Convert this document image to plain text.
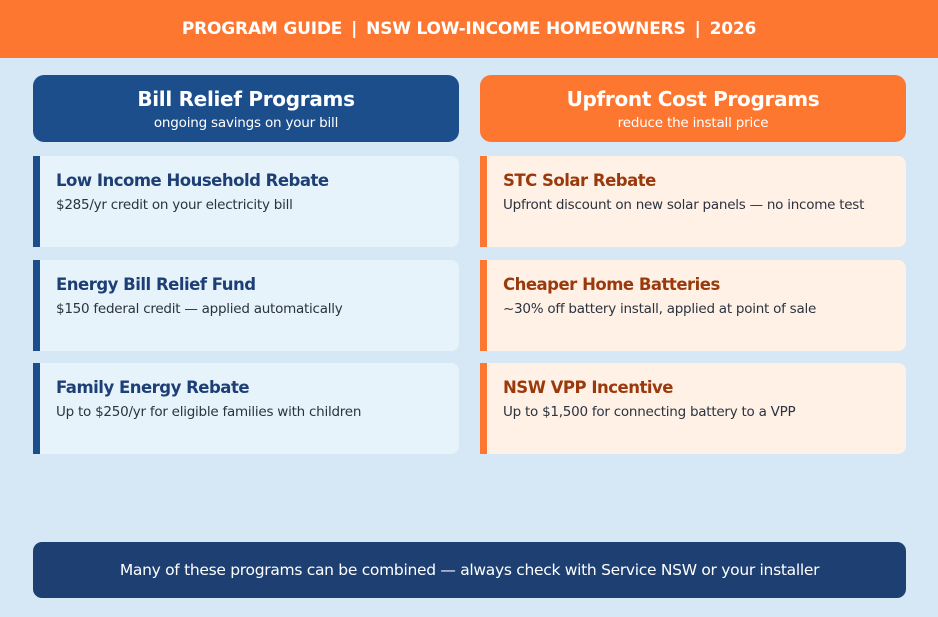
PROGRAM GUIDE | NSW LOW-INCOME HOMEOWNERS | 2026
Bill Relief Programs
ongoing savings on your bill
Low Income Household Rebate
$285/yr credit on your electricity bill
Energy Bill Relief Fund
$150 federal credit — applied automatically
Family Energy Rebate
Up to $250/yr for eligible families with children
Upfront Cost Programs
reduce the install price
STC Solar Rebate
Upfront discount on new solar panels — no income test
Cheaper Home Batteries
~30% off battery install, applied at point of sale
NSW VPP Incentive
Up to $1,500 for connecting battery to a VPP
Many of these programs can be combined — always check with Service NSW or your installer
